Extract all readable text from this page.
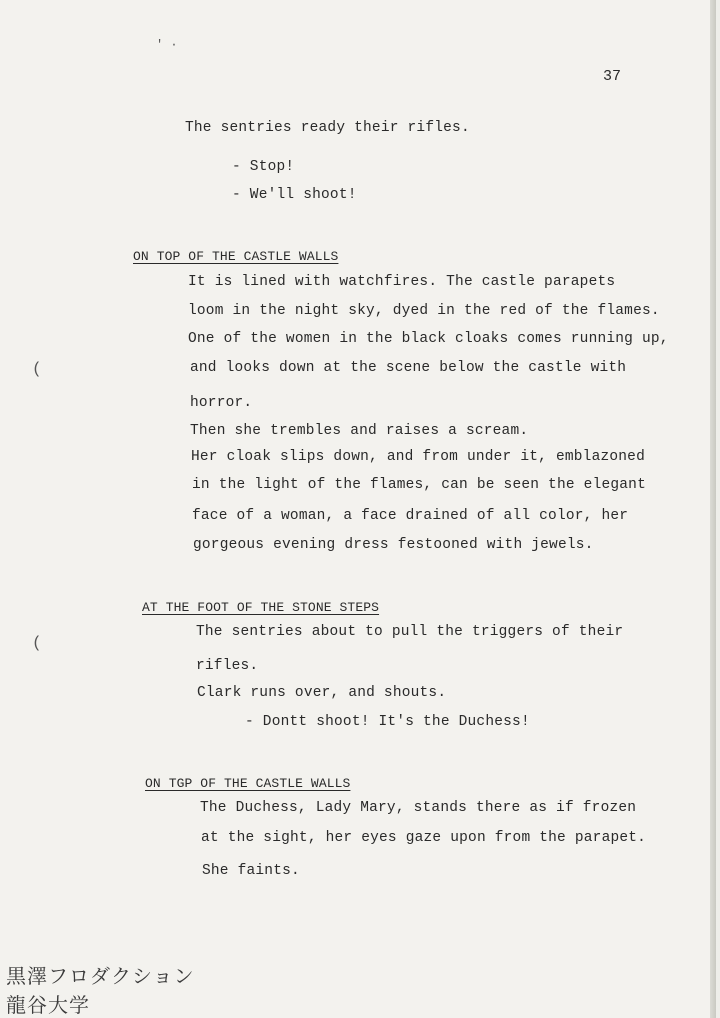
' ·
(
(
37
The sentries ready their rifles.
- Stop!
- We'll shoot!
ON TOP OF THE CASTLE WALLS
It is lined with watchfires. The castle parapets
loom in the night sky, dyed in the red of the flames.
One of the women in the black cloaks comes running up,
and looks down at the scene below the castle with
horror.
Then she trembles and raises a scream.
Her cloak slips down, and from under it, emblazoned
in the light of the flames, can be seen the elegant
face of a woman, a face drained of all color, her
gorgeous evening dress festooned with jewels.
AT THE FOOT OF THE STONE STEPS
The sentries about to pull the triggers of their
rifles.
Clark runs over, and shouts.
- Dontt shoot! It's the Duchess!
ON TGP OF THE CASTLE WALLS
The Duchess, Lady Mary, stands there as if frozen
at the sight, her eyes gaze upon from the parapet.
She faints.
黒澤フロダクション
龍谷大学
